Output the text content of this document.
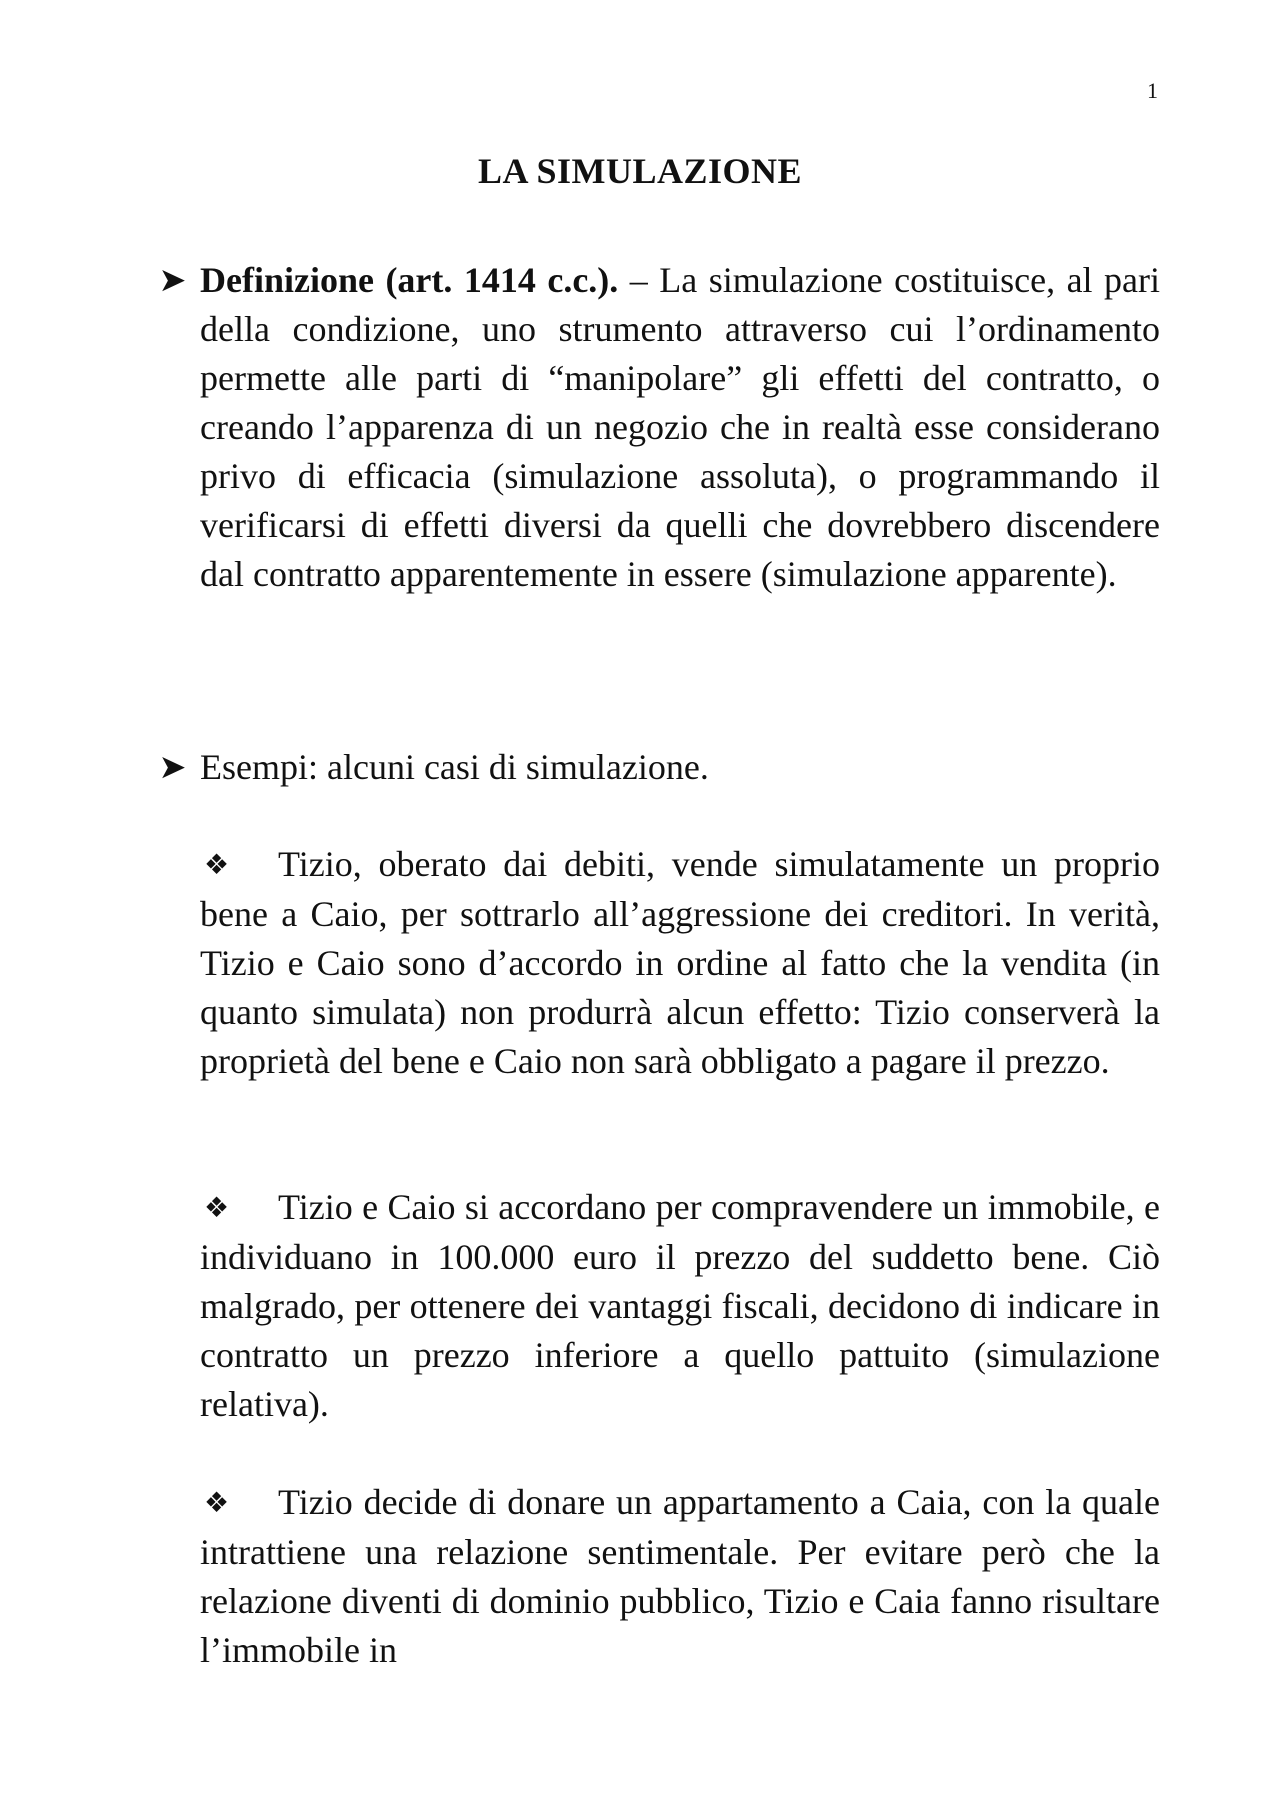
1
LA SIMULAZIONE
➤ Definizione (art. 1414 c.c.). – La simulazione costituisce, al pari della condizione, uno strumento attraverso cui l’ordinamento permette alle parti di “manipolare” gli effetti del contratto, o creando l’apparenza di un negozio che in realtà esse considerano privo di efficacia (simulazione assoluta), o programmando il verificarsi di effetti diversi da quelli che dovrebbero discendere dal contratto apparentemente in essere (simulazione apparente).
➤ Esempi: alcuni casi di simulazione.
❖ Tizio, oberato dai debiti, vende simulatamente un proprio bene a Caio, per sottrarlo all’aggressione dei creditori. In verità, Tizio e Caio sono d’accordo in ordine al fatto che la vendita (in quanto simulata) non produrrà alcun effetto: Tizio conserverà la proprietà del bene e Caio non sarà obbligato a pagare il prezzo.
❖ Tizio e Caio si accordano per compravendere un immobile, e individuano in 100.000 euro il prezzo del suddetto bene. Ciò malgrado, per ottenere dei vantaggi fiscali, decidono di indicare in contratto un prezzo inferiore a quello pattuito (simulazione relativa).
❖ Tizio decide di donare un appartamento a Caia, con la quale intrattiene una relazione sentimentale. Per evitare però che la relazione diventi di dominio pubblico, Tizio e Caia fanno risultare l’immobile in
